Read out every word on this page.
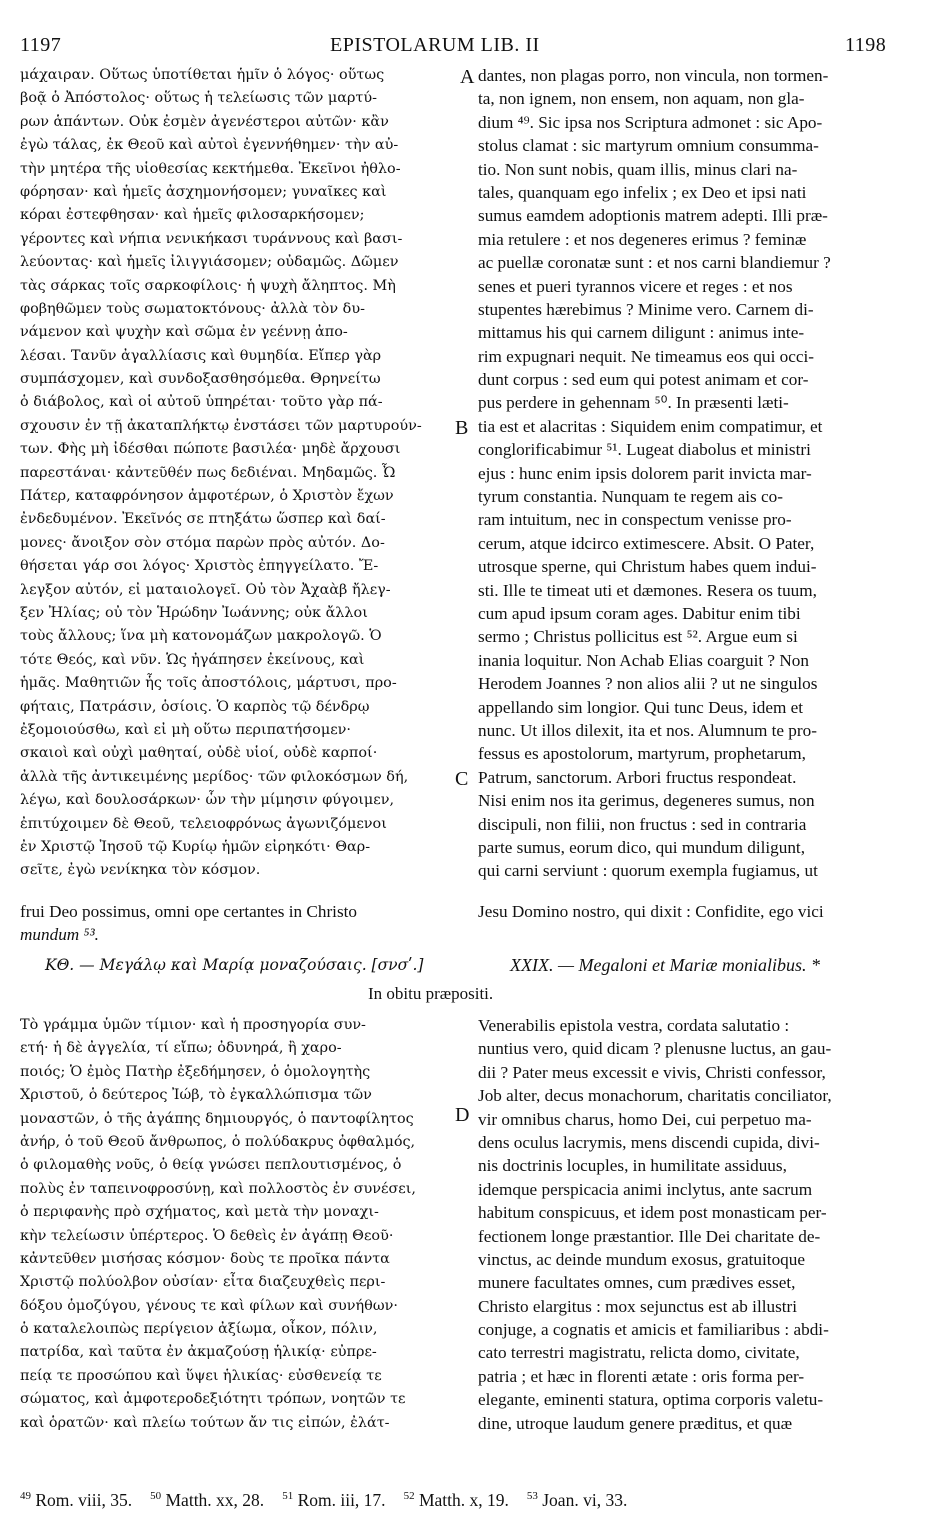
1197	EPISTOLARUM LIB. II	1198
μάχαιραν. Οὕτως ὑποτίθεται ἡμῖν ὁ λόγος· οὕτως
βοᾷ ὁ Ἀπόστολος· οὕτως ἡ τελείωσις τῶν μαρτύ-
ρων ἁπάντων. Οὐκ ἐσμὲν ἀγενέστεροι αὐτῶν· κἂν
ἐγὼ τάλας, ἐκ Θεοῦ καὶ αὐτοὶ ἐγεννήθημεν· τὴν αὐ-
τὴν μητέρα τῆς υἱοθεσίας κεκτήμεθα. Ἐκεῖνοι ἠθλο-
φόρησαν· καὶ ἡμεῖς ἀσχημονήσομεν; γυναῖκες καὶ
κόραι ἐστεφθησαν· καὶ ἡμεῖς φιλοσαρκήσομεν;
γέροντες καὶ νήπια νενικήκασι τυράννους καὶ βασι-
λεύοντας· καὶ ἡμεῖς ἰλιγγιάσομεν; οὐδαμῶς. Δῶμεν
τὰς σάρκας τοῖς σαρκοφίλοις· ἡ ψυχὴ ἄληπτος. Μὴ
φοβηθῶμεν τοὺς σωματοκτόνους· ἀλλὰ τὸν δυ-
νάμενον καὶ ψυχὴν καὶ σῶμα ἐν γεέννῃ ἀπο-
λέσαι. Τανῦν ἀγαλλίασις καὶ θυμηδία. Εἴπερ γὰρ
συμπάσχομεν, καὶ συνδοξασθησόμεθα. Θρηνείτω
ὁ διάβολος, καὶ οἱ αὐτοῦ ὑπηρέται· τοῦτο γὰρ πά-
σχουσιν ἐν τῇ ἀκαταπλήκτῳ ἐνστάσει τῶν μαρτυρούν-
των. Φὴς μὴ ἰδέσθαι πώποτε βασιλέα· μηδὲ ἄρχουσι
παρεστάναι· κἀντεῦθέν πως δεδιέναι. Μηδαμῶς. Ὦ
Πάτερ, καταφρόνησον ἀμφοτέρων, ὁ Χριστὸν ἔχων
ἐνδεδυμένον. Ἐκεῖνός σε πτηξάτω ὥσπερ καὶ δαί-
μονες· ἄνοιξον σὸν στόμα παρὼν πρὸς αὐτόν. Δο-
θήσεται γάρ σοι λόγος· Χριστὸς ἐπηγγείλατο. Ἔ-
λεγξον αὐτόν, εἰ ματαιολογεῖ. Οὐ τὸν Ἀχαὰβ ἤλεγ-
ξεν Ἠλίας; οὐ τὸν Ἡρώδην Ἰωάννης; οὐκ ἄλλοι
τοὺς ἄλλους; ἵνα μὴ κατονομάζων μακρολογῶ. Ὁ
τότε Θεός, καὶ νῦν. Ὡς ἠγάπησεν ἐκείνους, καὶ
ἡμᾶς. Μαθητιῶν ἧς τοῖς ἀποστόλοις, μάρτυσι, προ-
φήταις, Πατράσιν, ὁσίοις. Ὁ καρπὸς τῷ δένδρῳ
ἐξομοιούσθω, καὶ εἰ μὴ οὕτω περιπατήσομεν·
σκαιοὶ καὶ οὐχὶ μαθηταί, οὐδὲ υἱοί, οὐδὲ καρποί·
ἀλλὰ τῆς ἀντικειμένης μερίδος· τῶν φιλοκόσμων δή,
λέγω, καὶ δουλοσάρκων· ὧν τὴν μίμησιν φύγοιμεν,
ἐπιτύχοιμεν δὲ Θεοῦ, τελειοφρόνως ἀγωνιζόμενοι
ἐν Χριστῷ Ἰησοῦ τῷ Κυρίῳ ἡμῶν εἰρηκότι· Θαρ-
σεῖτε, ἐγὼ νενίκηκα τὸν κόσμον.
dantes, non plagas porro, non vincula, non tormen-
ta, non ignem, non ensem, non aquam, non gla-
dium ⁴⁹. Sic ipsa nos Scriptura admonet : sic Apo-
stolus clamat : sic martyrum omnium consumma-
tio. Non sunt nobis, quam illis, minus clari na-
tales, quanquam ego infelix ; ex Deo et ipsi nati
sumus eamdem adoptionis matrem adepti. Illi præ-
mia retulere : et nos degeneres erimus ? feminæ
ac puellæ coronatæ sunt : et nos carni blandiemur ?
senes et pueri tyrannos vicere et reges : et nos
stupentes hærebimus ? Minime vero. Carnem di-
mittamus his qui carnem diligunt : animus inte-
rim expugnari nequit. Ne timeamus eos qui occi-
dunt corpus : sed eum qui potest animam et cor-
pus perdere in gehennam ⁵⁰. In præsenti læti-
tia est et alacritas : Siquidem enim compatimur, et
conglorificabimur ⁵¹. Lugeat diabolus et ministri
ejus : hunc enim ipsis dolorem parit invicta mar-
tyrum constantia. Nunquam te regem ais co-
ram intuitum, nec in conspectum venisse pro-
cerum, atque idcirco extimescere. Absit. O Pater,
utrosque sperne, qui Christum habes quem indui-
sti. Ille te timeat uti et dæmones. Resera os tuum,
cum apud ipsum coram ages. Dabitur enim tibi
sermo ; Christus pollicitus est ⁵². Argue eum si
inania loquitur. Non Achab Elias coarguit ? Non
Herodem Joannes ? non alios alii ? ut ne singulos
appellando sim longior. Qui tunc Deus, idem et
nunc. Ut illos dilexit, ita et nos. Alumnum te pro-
fessus es apostolorum, martyrum, prophetarum,
Patrum, sanctorum. Arbori fructus respondeat.
Nisi enim nos ita gerimus, degeneres sumus, non
discipuli, non filii, non fructus : sed in contraria
parte sumus, eorum dico, qui mundum diligunt,
qui carni serviunt : quorum exempla fugiamus, ut
A
B
C
D
frui Deo possimus, omni ope certantes in Christo
mundum ⁵³.
Jesu Domino nostro, qui dixit : Confidite, ego vici
ΚΘ. — Μεγάλῳ καὶ Μαρίᾳ μοναζούσαις. [σνσʹ.]	XXIX. — Megaloni et Mariæ monialibus. *
In obitu præpositi.
Τὸ γράμμα ὑμῶν τίμιον· καὶ ἡ προσηγορία συν-
ετή· ἡ δὲ ἀγγελία, τί εἴπω; ὀδυνηρά, ἢ χαρο-
ποιός; Ὁ ἐμὸς Πατὴρ ἐξεδήμησεν, ὁ ὁμολογητὴς
Χριστοῦ, ὁ δεύτερος Ἰώβ, τὸ ἐγκαλλώπισμα τῶν
μοναστῶν, ὁ τῆς ἀγάπης δημιουργός, ὁ παντοφίλητος
ἀνήρ, ὁ τοῦ Θεοῦ ἄνθρωπος, ὁ πολύδακρυς ὀφθαλμός,
ὁ φιλομαθὴς νοῦς, ὁ θείᾳ γνώσει πεπλουτισμένος, ὁ
πολὺς ἐν ταπεινοφροσύνῃ, καὶ πολλοστὸς ἐν συνέσει,
ὁ περιφανὴς πρὸ σχήματος, καὶ μετὰ τὴν μοναχι-
κὴν τελείωσιν ὑπέρτερος. Ὁ δεθεὶς ἐν ἀγάπῃ Θεοῦ·
κἀντεῦθεν μισήσας κόσμον· δοὺς τε προῖκα πάντα
Χριστῷ πολύολβον οὐσίαν· εἶτα διαζευχθεὶς περι-
δόξου ὁμοζύγου, γένους τε καὶ φίλων καὶ συνήθων·
ὁ καταλελοιπὼς περίγειον ἀξίωμα, οἶκον, πόλιν,
πατρίδα, καὶ ταῦτα ἐν ἀκμαζούσῃ ἡλικίᾳ· εὐπρε-
πείᾳ τε προσώπου καὶ ὕψει ἡλικίας· εὐσθενείᾳ τε
σώματος, καὶ ἀμφοτεροδεξιότητι τρόπων, νοητῶν τε
καὶ ὁρατῶν· καὶ πλείω τούτων ἄν τις εἰπών, ἐλάτ-
Venerabilis epistola vestra, cordata salutatio :
nuntius vero, quid dicam ? plenusne luctus, an gau-
dii ? Pater meus excessit e vivis, Christi confessor,
Job alter, decus monachorum, charitatis conciliator,
vir omnibus charus, homo Dei, cui perpetuo ma-
dens oculus lacrymis, mens discendi cupida, divi-
nis doctrinis locuples, in humilitate assiduus,
idemque perspicacia animi inclytus, ante sacrum
habitum conspicuus, et idem post monasticam per-
fectionem longe præstantior. Ille Dei charitate de-
vinctus, ac deinde mundum exosus, gratuitoque
munere facultates omnes, cum prædives esset,
Christo elargitus : mox sejunctus est ab illustri
conjuge, a cognatis et amicis et familiaribus : abdi-
cato terrestri magistratu, relicta domo, civitate,
patria ; et hæc in florenti ætate : oris forma per-
elegante, eminenti statura, optima corporis valetu-
dine, utroque laudum genere præditus, et quæ
$^{49}$ Rom. viii, 35. $^{50}$ Matth. xx, 28. $^{51}$ Rom. iii, 17. $^{52}$ Matth. x, 19. $^{53}$ Joan. vi, 33.
